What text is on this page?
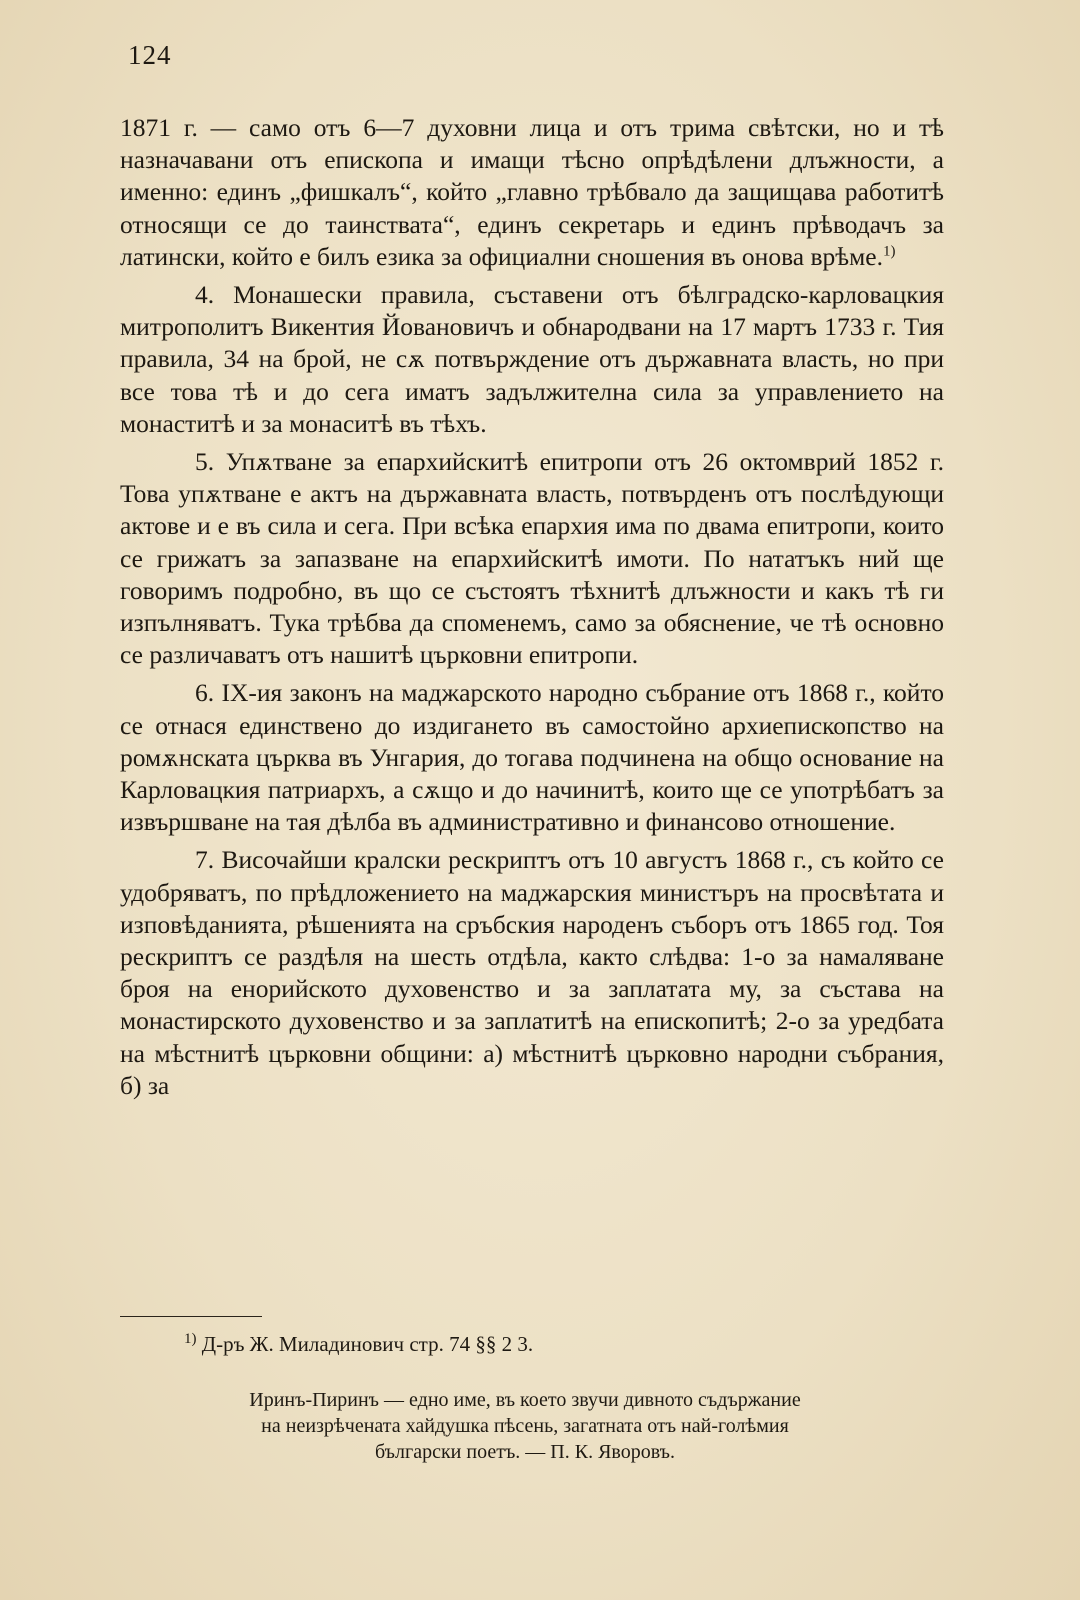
124

1871 г. — само отъ 6—7 духовни лица и отъ трима свѣтски, но и тѣ назначавани отъ епископа и имащи тѣсно опрѣдѣлени длъжности, а именно: единъ „фишкалъ“, който „главно трѣбвало да защищава работитѣ относящи се до таинствата“, единъ секретарь и единъ прѣводачъ за латински, който е билъ езика за официални сношения въ онова врѣме.$^{1)}$

4. Монашески правила, съставени отъ бѣлградско-карловацкия митрополитъ Викентия Йовановичъ и обнародвани на 17 мартъ 1733 г. Тия правила, 34 на брой, не сѫ потвърждение отъ държавната власть, но при все това тѣ и до сега иматъ задължителна сила за управлението на монаститѣ и за монаситѣ въ тѣхъ.

5. Упѫтване за епархийскитѣ епитропи отъ 26 октомврий 1852 г. Това упѫтване е актъ на държавната власть, потвърденъ отъ послѣдующи актове и е въ сила и сега. При всѣка епархия има по двама епитропи, които се грижатъ за запазване на епархийскитѣ имоти. По нататъкъ ний ще говоримъ подробно, въ що се състоятъ тѣхнитѣ длъжности и какъ тѣ ги изпълняватъ. Тука трѣбва да споменемъ, само за обяснение, че тѣ основно се различаватъ отъ нашитѣ църковни епитропи.

6. IX-ия законъ на маджарското народно събрание отъ 1868 г., който се отнася единствено до издигането въ самостойно архиепископство на ромѫнската църква въ Унгария, до тогава подчинена на общо основание на Карловацкия патриархъ, а сѫщо и до начинитѣ, които ще се употрѣбатъ за извършване на тая дѣлба въ административно и финансово отношение.

7. Височайши кралски рескриптъ отъ 10 августъ 1868 г., съ който се удобряватъ, по прѣдложението на маджарския министъръ на просвѣтата и изповѣданията, рѣшенията на сръбския народенъ съборъ отъ 1865 год. Тоя рескриптъ се раздѣля на шесть отдѣла, както слѣдва: 1-о за намаляване броя на енорийското духовенство и за заплатата му, за състава на монастирското духовенство и за заплатитѣ на епископитѣ; 2-о за уредбата на мѣстнитѣ църковни общини: а) мѣстнитѣ църковно народни събрания, б) за

$^{1)}$ Д-ръ Ж. Миладинович стр. 74 §§ 2 3.

Иринъ-Пиринъ — едно име, въ което звучи дивното съдържание

на неизрѣчената хайдушка пѣсень, загатната отъ най-голѣмия

български поетъ. — П. К. Яворовъ.
